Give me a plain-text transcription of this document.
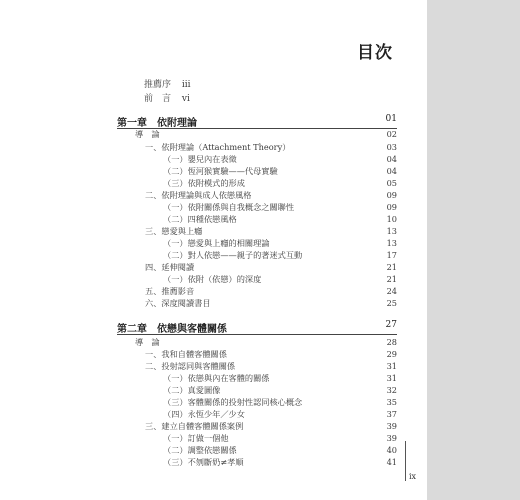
目次
推薦序 iii
前　言 vi
第一章　依附理論	01
導　論	02
一、依附理論（Attachment Theory）	03
（一）嬰兒內在表徵	04
（二）恆河猴實驗——代母實驗	04
（三）依附模式的形成	05
二、依附理論與成人依戀風格	09
（一）依附關係與自我概念之關聯性	09
（二）四種依戀風格	10
三、戀愛與上癮	13
（一）戀愛與上癮的相關理論	13
（二）對人依戀——親子的著迷式互動	17
四、延伸閱讀	21
（一）依附（依戀）的深度	21
五、推薦影音	24
六、深度閱讀書目	25
第二章　依戀與客體關係	27
導　論	28
一、我和自體客體關係	29
二、投射認同與客體關係	31
（一）依戀與內在客體的關係	31
（二）真愛圖像	32
（三）客體關係的投射性認同核心概念	35
（四）永恆少年／少女	37
三、建立自體客體關係案例	39
（一）訂做一個他	39
（二）調整依戀關係	40
（三）不刎斷奶≠孝順	41
ix
